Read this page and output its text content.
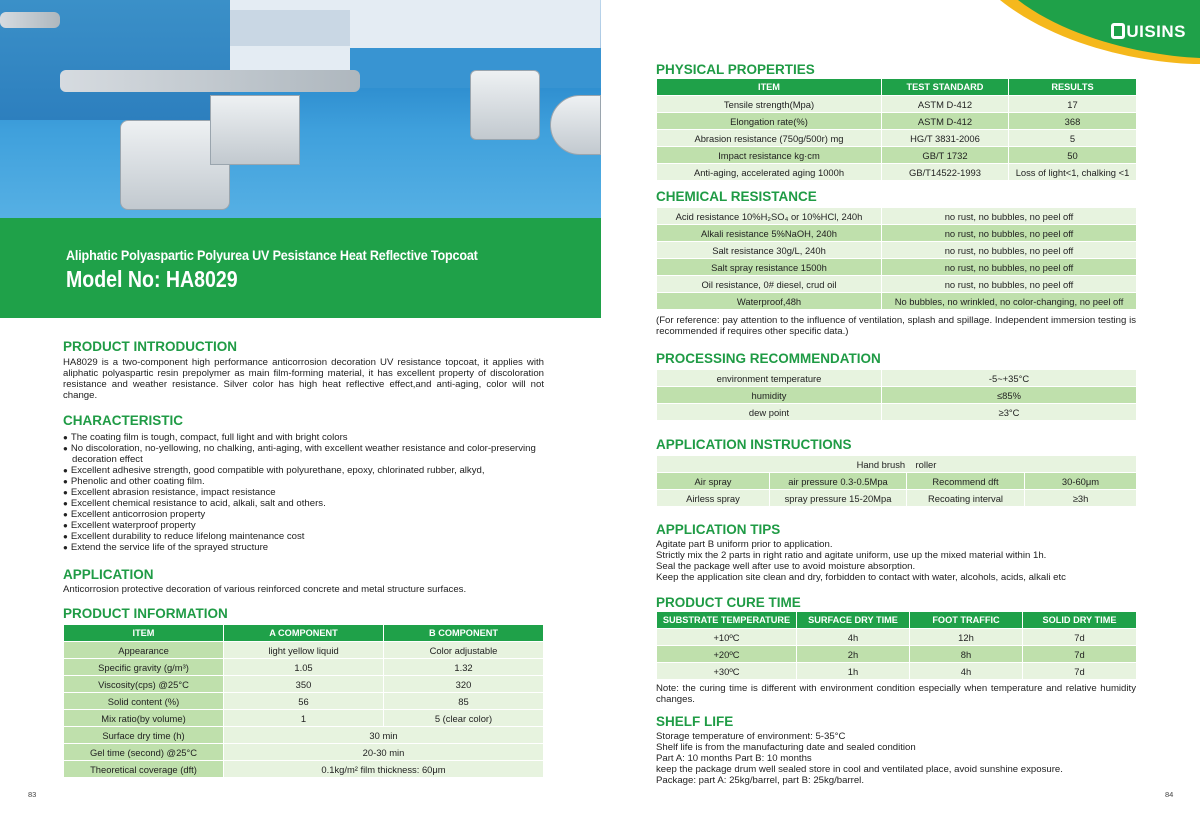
Aliphatic Polyaspartic Polyurea UV Pesistance Heat Reflective Topcoat
Model No: HA8029
PRODUCT INTRODUCTION
HA8029 is a two-component high performance anticorrosion decoration UV resistance topcoat, it applies with aliphatic polyaspartic resin prepolymer as main film-forming material, it has excellent property of discoloration resistance and weather resistance. Silver color has high heat reflective effect,and anti-aging, color will not change.
CHARACTERISTIC
● The coating film is tough, compact, full light and with bright colors
● No discoloration, no-yellowing, no chalking, anti-aging, with excellent weather resistance and color-preserving decoration effect
● Excellent adhesive strength, good compatible with polyurethane, epoxy, chlorinated rubber, alkyd,
● Phenolic and other coating film.
● Excellent abrasion resistance, impact resistance
● Excellent chemical resistance to acid, alkali, salt and others.
● Excellent anticorrosion property
● Excellent waterproof property
● Excellent durability to reduce lifelong maintenance cost
● Extend the service life of the sprayed structure
APPLICATION
Anticorrosion protective decoration of various reinforced concrete and metal structure surfaces.
PRODUCT INFORMATION
ITEM	A COMPONENT	B COMPONENT
Appearance	light yellow liquid	Color adjustable
Specific gravity (g/m³)	1.05	1.32
Viscosity(cps) @25°C	350	320
Solid content (%)	56	85
Mix ratio(by volume)	1	5 (clear color)
Surface dry time (h)	30 min	
Gel time (second) @25°C	20-30 min	
Theoretical coverage (dft)	0.1kg/m² film thickness: 60μm	
83
UISINS
PHYSICAL PROPERTIES
ITEM	TEST STANDARD	RESULTS
Tensile strength(Mpa)	ASTM D-412	17
Elongation rate(%)	ASTM D-412	368
Abrasion resistance (750g/500r) mg	HG/T 3831-2006	5
Impact resistance kg·cm	GB/T 1732	50
Anti-aging, accelerated aging 1000h	GB/T14522-1993	Loss of light<1, chalking <1
CHEMICAL RESISTANCE
Acid resistance 10%H₂SO₄ or 10%HCl, 240h	no rust, no bubbles, no peel off
Alkali resistance 5%NaOH, 240h	no rust, no bubbles, no peel off
Salt resistance 30g/L, 240h	no rust, no bubbles, no peel off
Salt spray resistance 1500h	no rust, no bubbles, no peel off
Oil resistance, 0# diesel, crud oil	no rust, no bubbles, no peel off
Waterproof,48h	No bubbles, no wrinkled, no color-changing, no peel off
(For reference: pay attention to the influence of ventilation, splash and spillage. Independent immersion testing is recommended if requires other specific data.)
PROCESSING RECOMMENDATION
environment temperature	-5~+35°C
humidity	≤85%
dew point	≥3°C
APPLICATION INSTRUCTIONS
Hand brush    roller			
Air spray	air pressure 0.3-0.5Mpa	Recommend dft	30-60μm
Airless spray	spray pressure 15-20Mpa	Recoating interval	≥3h
APPLICATION TIPS
Agitate part B uniform prior to application.
Strictly mix the 2 parts in right ratio and agitate uniform, use up the mixed material within 1h.
Seal the package well after use to avoid moisture absorption.
Keep the application site clean and dry, forbidden to contact with water, alcohols, acids, alkali etc
PRODUCT CURE TIME
SUBSTRATE TEMPERATURE	SURFACE DRY TIME	FOOT TRAFFIC	SOLID DRY TIME
+10ºC	4h	12h	7d
+20ºC	2h	8h	7d
+30ºC	1h	4h	7d
Note: the curing time is different with environment condition especially when temperature and relative humidity changes.
SHELF LIFE
Storage temperature of environment: 5-35°C
Shelf life is from the manufacturing date and sealed condition
Part A: 10 months Part B: 10 months
keep the package drum well sealed store in cool and ventilated place, avoid sunshine exposure.
Package: part A: 25kg/barrel, part B: 25kg/barrel.
84
